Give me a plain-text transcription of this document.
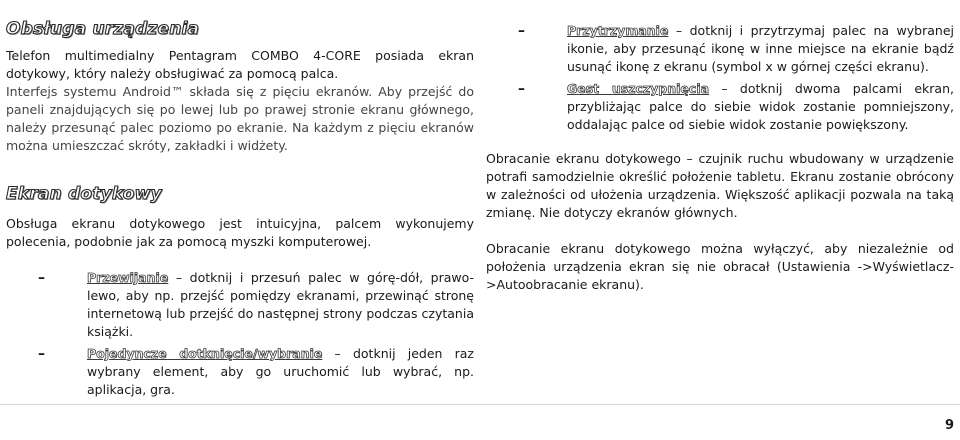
Obsługa urządzenia

Telefon multimedialny Pentagram COMBO 4-CORE posiada ekran dotykowy, który należy obsługiwać za pomocą palca.

Interfejs systemu Android™ składa się z pięciu ekranów. Aby przejść do paneli znajdujących się po lewej lub po prawej stronie ekranu głównego, należy przesunąć palec poziomo po ekranie. Na każdym z pięciu ekranów można umieszczać skróty, zakładki i widżety.

Ekran dotykowy

Obsługa ekranu dotykowego jest intuicyjna, palcem wykonujemy polecenia, podobnie jak za pomocą myszki komputerowej.

–	Przewijanie – dotknij i przesuń palec w górę-dół, prawo-lewo, aby np. przejść pomiędzy ekranami, przewinąć stronę internetową lub przejść do następnej strony podczas czytania książki.
–	Pojedyncze dotknięcie/wybranie – dotknij jeden raz wybrany element, aby go uruchomić lub wybrać, np. aplikacja, gra.
–	Przytrzymanie – dotknij i przytrzymaj palec na wybranej ikonie, aby przesunąć ikonę w inne miejsce na ekranie bądź usunąć ikonę z ekranu (symbol x w górnej części ekranu).
–	Gest uszczypnięcia – dotknij dwoma palcami ekran, przybliżając palce do siebie widok zostanie pomniejszony, oddalając palce od siebie widok zostanie powiększony.

Obracanie ekranu dotykowego – czujnik ruchu wbudowany w urządzenie potrafi samodzielnie określić położenie tabletu. Ekranu zostanie obrócony w zależności od ułożenia urządzenia. Większość aplikacji pozwala na taką zmianę. Nie dotyczy ekranów głównych.

Obracanie ekranu dotykowego można wyłączyć, aby niezależnie od położenia urządzenia ekran się nie obracał (Ustawienia ->Wyświetlacz->Autoobracanie ekranu).

9
